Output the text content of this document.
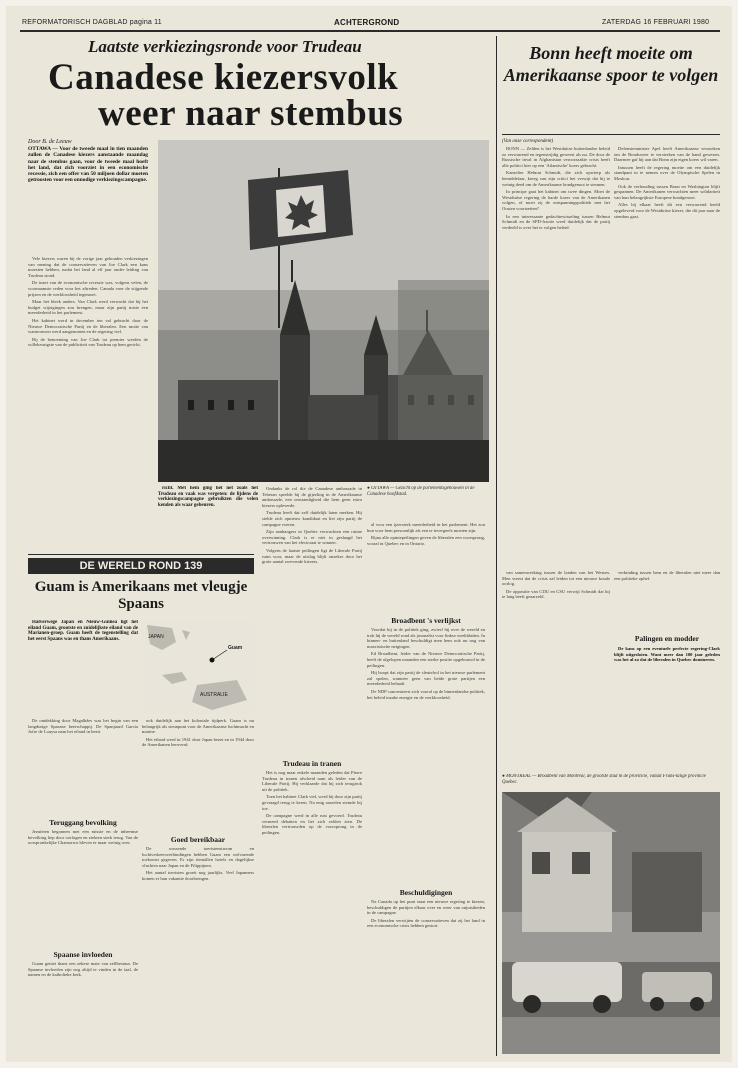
REFORMATORISCH DAGBLAD pagina 11	ACHTERGROND	ZATERDAG 16 FEBRUARI 1980
Laatste verkiezingsronde voor Trudeau
Canadese kiezersvolk
weer naar stembus
Door B. de Leeuw
OTTAWA — Voor de tweede maal in tien maanden zullen de Canadese kiezers aanstaande maandag naar de stembus gaan, voor de tweede maal hoeft het land, dat zich voorziet in een economische recessie, zich een offer van 50 miljoen dollar moeten getroosten voor een onnodige verkiezingscampagne.

Vele kiezers waren bij de vorige jaar gehouden verkiezingen van mening dat de conservatieven van Joe Clark een kans moesten hebben, nadat het land al elf jaar onder leiding van Trudeau stond.

De inzet van de economische recessie was, volgens velen, de voornaamste reden voor het aftreden. Canada voer de stijgende prijzen en de werkloosheid tegemoet.

Maar het bleek anders. Van Clark werd verwacht dat hij het budget wijzigingen zou brengen, maar zijn partij miste een meerderheid in het parlement.

Het kabinet werd in december ten val gebracht door de Nieuwe Democratische Partij en de liberalen. Een motie van wantrouwen werd aangenomen en de regering viel.

Bij de benoeming van Joe Clark tot premier werden de willekeurigste van de publiciteit van Trudeau op hem gericht.

richt. Met hem ging het net zoals het Trudeau en vaak was vergeten: de lijdens de verkiezingscampagne gebruikten die velen kenden als waar gebeuren.

Ondanks de rol die de Canadese ambassade in Teheran speelde bij de gijzeling in de Amerikaanse ambassade, een omstandigheid die hem geen extra kiezers opleverde.

Trudeau heeft dat zelf duidelijk laten merken. Hij stelde zich opnieuw kandidaat en liet zijn partij de campagne voeren.

Zijn aanhangers in Quebec verwachten een ruime overwinning. Clark is er niet in geslaagd het vertrouwen van het electoraat te winnen.

Volgens de laatste peilingen ligt de Liberale Partij ruim voor, maar de uitslag blijft onzeker door het grote aantal zwevende kiezers.

Trudeau in tranen

Het is nog maar enkele maanden geleden dat Pierre Trudeau in tranen afscheid nam als leider van de Liberale Partij. Hij verklaarde dat hij zich terugtrok uit de politiek.

Toen het kabinet Clark viel, werd hij door zijn partij gevraagd terug te keren. Na enig aarzelen stemde hij toe.

De campagne werd in alle rust gevoerd. Trudeau vermeed debatten en liet zich zelden zien. De liberalen vertrouwden op de voorsprong in de peilingen.

● OTTAWA — Gezicht op de parlementsgebouwen in de Canadese hoofdstad.

al voor een ijzersterk meerderheid in het parlement. Het zou hun voor hem persoonlijk als een te tevergeefs moeten zijn.

Bijna alle opiniepeilingen geven de liberalen een voorsprong, vooral in Quebec en in Ontario.

Broadbent 's verlijkst

Voordat hij in de politiek ging, zwierf hij over de wereld en trok hij de wereld rond als journalist voor linkse weekbladen. In binnen- en buitenland beschuldigt men hem ook nu nog van marxistische neigingen.

Ed Broadbent, leider van de Nieuwe Democratische Partij, heeft de afgelopen maanden een sterke positie opgebouwd in de peilingen.

Hij hoopt dat zijn partij de sleutelrol in het nieuwe parlement zal spelen, wanneer geen van beide grote partijen een meerderheid behaalt.

De NDP concentreert zich vooral op de binnenlandse politiek, het beleid inzake energie en de werkloosheid.

Bonn heeft moeite om Amerikaanse spoor te volgen
(Van onze correspondent)

BONN — Zelden is het Westduitse buitenlandse beleid zo verwarrend en tegenstrijdig geweest als nu. De door de Russische inval in Afghanistan veroorzaakte crisis heeft alle politici hier op een 'Atlantische' koers gebracht.

Kanselier Helmut Schmidt, die zich opwierp als bemiddelaar, kreeg van zijn critici het verwijt dat hij te weinig deed om de Amerikaanse bondgenoot te steunen.

In principe gaat het kabinet om twee dingen. Moet de Westduitse regering de harde koers van de Amerikanen volgen, of moet zij de ontspanningspolitiek met het Oosten voortzetten?

In een interessante gedachtewisseling tussen Helmut Schmidt en de SPD-fractie werd duidelijk dat de partij verdeeld is over het te volgen beleid.

Defensieminister Apel heeft Amerikaanse verzoeken om de Bondsweer te versterken van de hand gewezen. Daarmee gaf hij aan dat Bonn zijn eigen koers wil varen.

Intussen heeft de regering moeite om een duidelijk standpunt in te nemen over de Olympische Spelen in Moskou.

Ook de verhouding tussen Bonn en Washington blijft gespannen. De Amerikanen verwachten meer solidariteit van hun belangrijkste Europese bondgenoot.

Alles bij elkaar heeft dit een verwarrend beeld opgeleverd voor de Westduitse kiezer, die dit jaar naar de stembus gaat.

van samenwerking tussen de landen van het Westen. Men vreest dat de crisis zal leiden tot een nieuwe koude oorlog.

De oppositie van CDU en CSU verwijt Schmidt dat hij te lang heeft geaarzeld.

verbinding tussen hem en de liberalen niet meer dan een politieke ophef.

Palingen en modder

De kans op een eventuele perfecte regering-Clark blijft uitgesloten. Want meer dan 100 jaar geleden was het al zo dat de liberalen in Quebec domineren.

● MONTREAL — Broadbent van Montreal, de grootste stad in de provincie, vanuit Frans-talige provincie Quebec.
DE WERELD ROND 139
Guam is Amerikaans met vleugje Spaans

Halverwege Japan en Nieuw-Guinea ligt het eiland Guam, grootste en zuidelijkste eiland van de Marianen-groep. Guam heeft de tegenstelling dat het eerst Spaans was en thans Amerikaans.	JAPAN
AUSTRALIE
Guam

De ontdekking door Magalhães was het begin van een langdurige Spaanse heerschappij. De Spanjaard Garcia Jofre de Loaysa nam het eiland in bezit.

Teruggang bevolking

Jezuïeten begonnen met een missie en de inheemse bevolking liep door oorlogen en ziekten sterk terug. Van de oorspronkelijke Chamorros bleven er maar weinig over.

Spaanse invloeden

Guam geniet thans een zekere mate van zelfbestuur. De Spaanse invloeden zijn nog altijd te vinden in de taal, de namen en de katholieke kerk.

ook duidelijk aan het koloniale tijdperk. Guam is nu belangrijk als steunpunt voor de Amerikaanse luchtmacht en marine.

Het eiland werd in 1941 door Japan bezet en in 1944 door de Amerikanen heroverd.

Goed bereikbaar

De wassende toeristenstroom en luchtverkeersverbindingen hebben Guam een welvarende toekomst gegeven. Er zijn tientallen hotels en dagelijkse vluchten naar Japan en de Filippijnen.

Het aantal toeristen groeit nog jaarlijks. Veel Japanners komen er hun vakantie doorbrengen.

Beschuldigingen

Na Canada op het punt staat een nieuwe regering te kiezen, beschuldigen de partijen elkaar over en weer van onjuistheden in de campagne.

De liberalen verwijten de conservatieven dat zij het land in een economische crisis hebben gestort.
